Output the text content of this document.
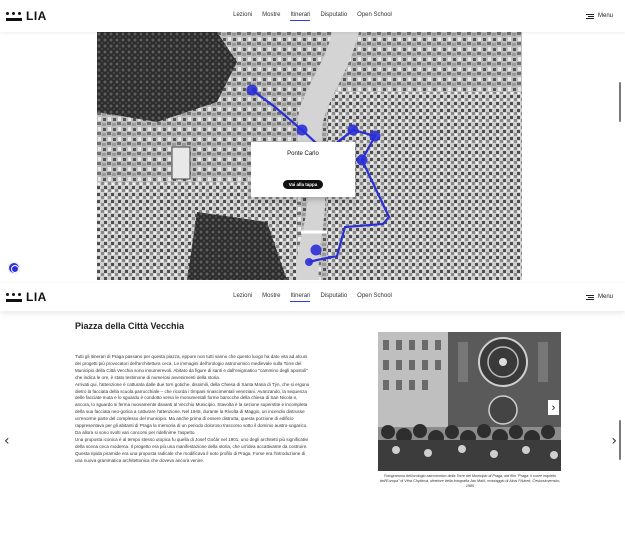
LIA	Lezioni Mostre Itinerari Disputatio Open School	Menu
Ponte Carlo
Vai alla tappa
LIA	Lezioni Mostre Itinerari Disputatio Open School	Menu
Piazza della Città Vecchia

Tutti gli itinerari di Praga passano per questa piazza, eppure non tutti sanno che questo luogo ha dato vita ad alcuni dei progetti più provocatori dell'architettura ceca. Le immagini dell'orologio astronomico medievale sulla Torre del Municipio della Città Vecchia sono innumerevoli. Abitato da figure di santi e dall'enigmatico "cammino degli apostoli" che indica le ore, è stato testimone di numerosi avvenimenti della storia.

Arrivati qui, l'attenzione è catturata dalle due torri gotiche, dissimili, della Chiesa di Santa Maria di Týn, che si ergono dietro la facciata della scuola parrocchiale – che ricorda i tímpani rinascimentali veneziani. Avanzando, la sequenza delle facciate muta e lo sguardo è condotto verso le monumentali forme barocche della chiesa di San Nicola e, ancora, lo sguardo si ferma nuovamente davanti al Vecchio Municipio. Stavolta è la sezione superstite e incompleta della sua facciata neo-gotica a catturare l'attenzione. Nel 1945, durante la Rivolta di Maggio, un incendio distrusse un'enorme parte del complesso del municipio. Ma anche prima di essere distrutta, questa porzione di edificio rappresentava per gli abitanti di Praga la memoria di un periodo doloroso trascorso sotto il dominio austro-ungarico. Da allora si sono svolti vari concorsi per ridefinirne l'aspetto.

Una proposta iconica è al tempo stesso utopica fu quella di Josef Gočár nel 1901, uno degli architetti più significativi della scena ceca moderna. Il progetto era più una manifestazione della storia, che un'idea accattivante da costruire. Questa ripida piramide era una proposta radicale che modificava il noto profilo di Praga. Forse era l'introduzione di una nuova grammatica architettonica che doveva ancora venire.

›
Fotogramma dell'orologio astronomico della Torre del Municipio di Praga, dal film "Praga: il cuore inquieto dell'Europa" di Věra Chytilová, direttore della fotografia Jan Malíř, montaggio di Alois Fišárek, Československo, 1985
‹	›
